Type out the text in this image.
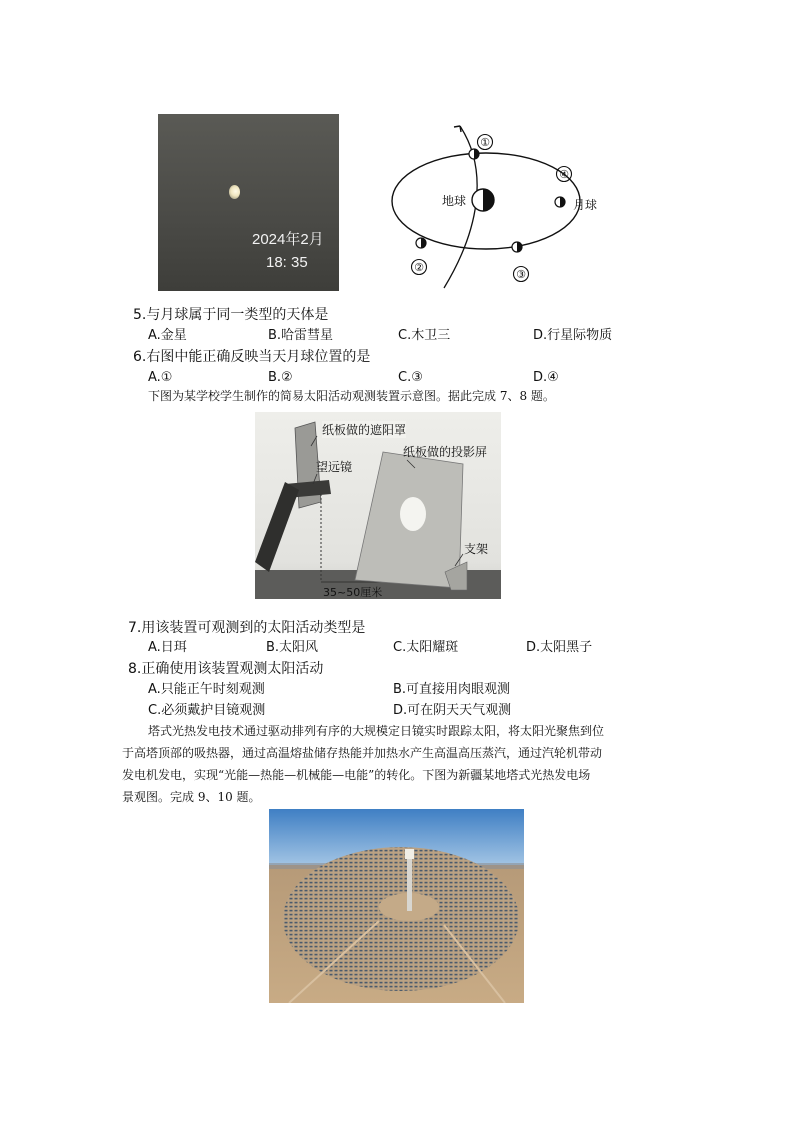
2024年2月
18: 35
①
④
③
②
地球	月球
5.与月球属于同一类型的天体是
A.金星	B.哈雷彗星	C.木卫三	D.行星际物质
6.右图中能正确反映当天月球位置的是
A.①	B.②	C.③	D.④
下图为某学校学生制作的简易太阳活动观测装置示意图。据此完成 7、8 题。
纸板做的遮阳罩
纸板做的投影屏
望远镜
支架
35~50厘米
7.用该装置可观测到的太阳活动类型是
A.日珥	B.太阳风	C.太阳耀斑	D.太阳黑子
8.正确使用该装置观测太阳活动
A.只能正午时刻观测	B.可直接用肉眼观测
C.必须戴护目镜观测	D.可在阴天天气观测
塔式光热发电技术通过驱动排列有序的大规模定日镜实时跟踪太阳，将太阳光聚焦到位
于高塔顶部的吸热器，通过高温熔盐储存热能并加热水产生高温高压蒸汽，通过汽轮机带动
发电机发电，实现“光能—热能—机械能—电能”的转化。下图为新疆某地塔式光热发电场
景观图。完成 9、10 题。
